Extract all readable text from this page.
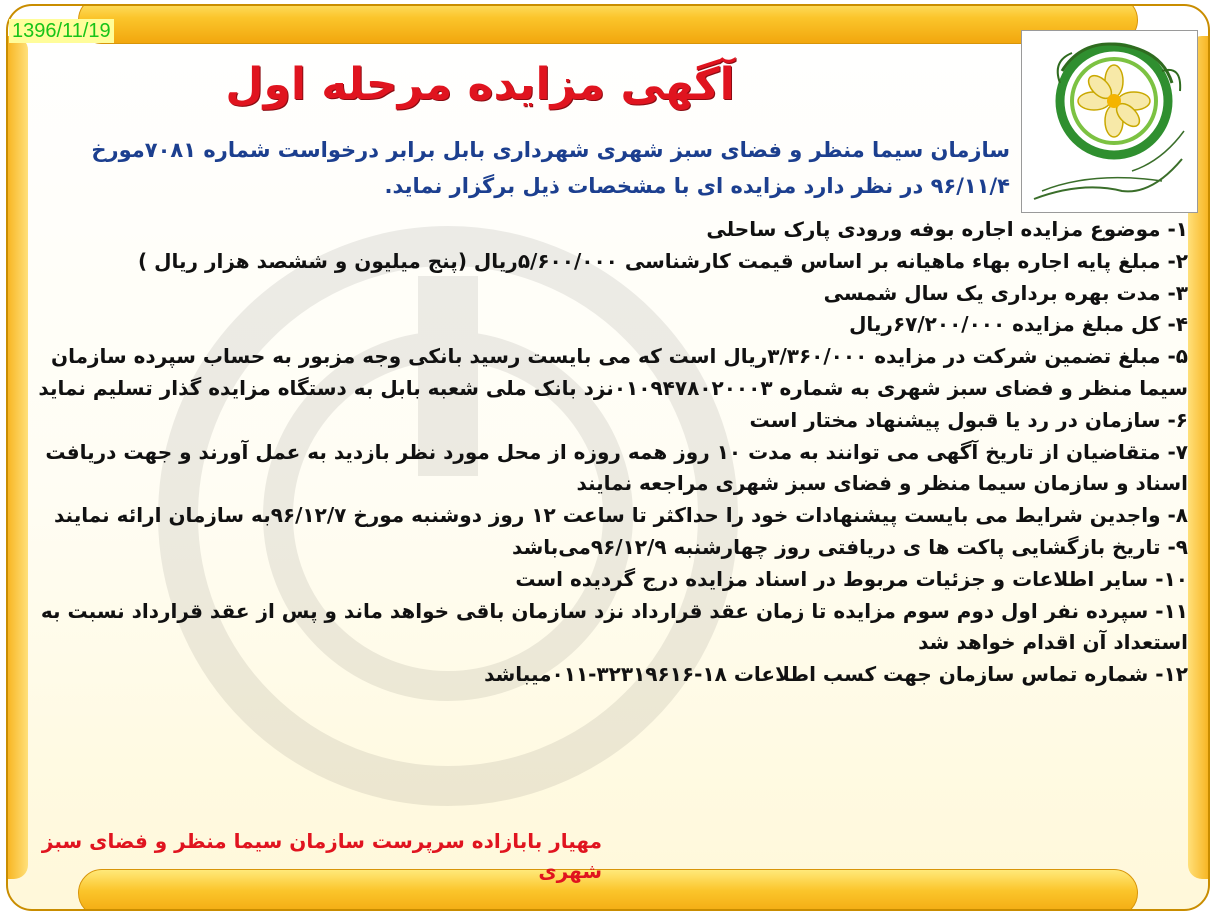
1396/11/19
آگهی مزایده مرحله اول
سازمان سیما منظر و فضای سبز شهری شهرداری بابل برابر درخواست شماره ۷۰۸۱مورخ ۹۶/۱۱/۴ در نظر دارد مزایده ای با مشخصات ذیل برگزار نماید.

۱- موضوع مزایده اجاره بوفه ورودی پارک ساحلی

۲- مبلغ پایه اجاره بهاء ماهیانه بر اساس قیمت کارشناسی ۵/۶۰۰/۰۰۰ریال (پنج میلیون و ششصد هزار ریال )

۳- مدت بهره برداری یک سال شمسی

۴- کل مبلغ مزایده ۶۷/۲۰۰/۰۰۰ریال

۵- مبلغ تضمین شرکت در مزایده ۳/۳۶۰/۰۰۰ریال است که می بایست رسید بانکی وجه مزبور به حساب سپرده سازمان سیما منظر و فضای سبز شهری به شماره ۰۱۰۹۴۷۸۰۲۰۰۰۳نزد بانک ملی شعبه بابل به دستگاه مزایده گذار تسلیم نماید

۶- سازمان در رد یا قبول پیشنهاد مختار است

۷- متقاضیان از تاریخ آگهی می توانند به مدت ۱۰ روز همه روزه از محل مورد نظر بازدید به عمل آورند و جهت دریافت اسناد و سازمان سیما منظر و فضای سبز شهری مراجعه نمایند

۸- واجدین شرایط می بایست پیشنهادات خود را حداکثر تا ساعت ۱۲ روز دوشنبه مورخ ۹۶/۱۲/۷به سازمان ارائه نمایند

۹- تاریخ بازگشایی پاکت ها ی دریافتی روز چهارشنبه ۹۶/۱۲/۹می‌باشد

۱۰- سایر اطلاعات و جزئیات مربوط در اسناد مزایده درج گردیده است

۱۱- سپرده نفر اول دوم سوم مزایده تا زمان عقد قرارداد نزد سازمان باقی خواهد ماند و پس از عقد قرارداد نسبت به استعداد آن اقدام خواهد شد

۱۲- شماره تماس سازمان جهت کسب اطلاعات ۱۸-۳۲۳۱۹۶۱۶-۰۱۱میباشد

مهیار بابازاده سرپرست سازمان سیما منظر و فضای سبز شهری
